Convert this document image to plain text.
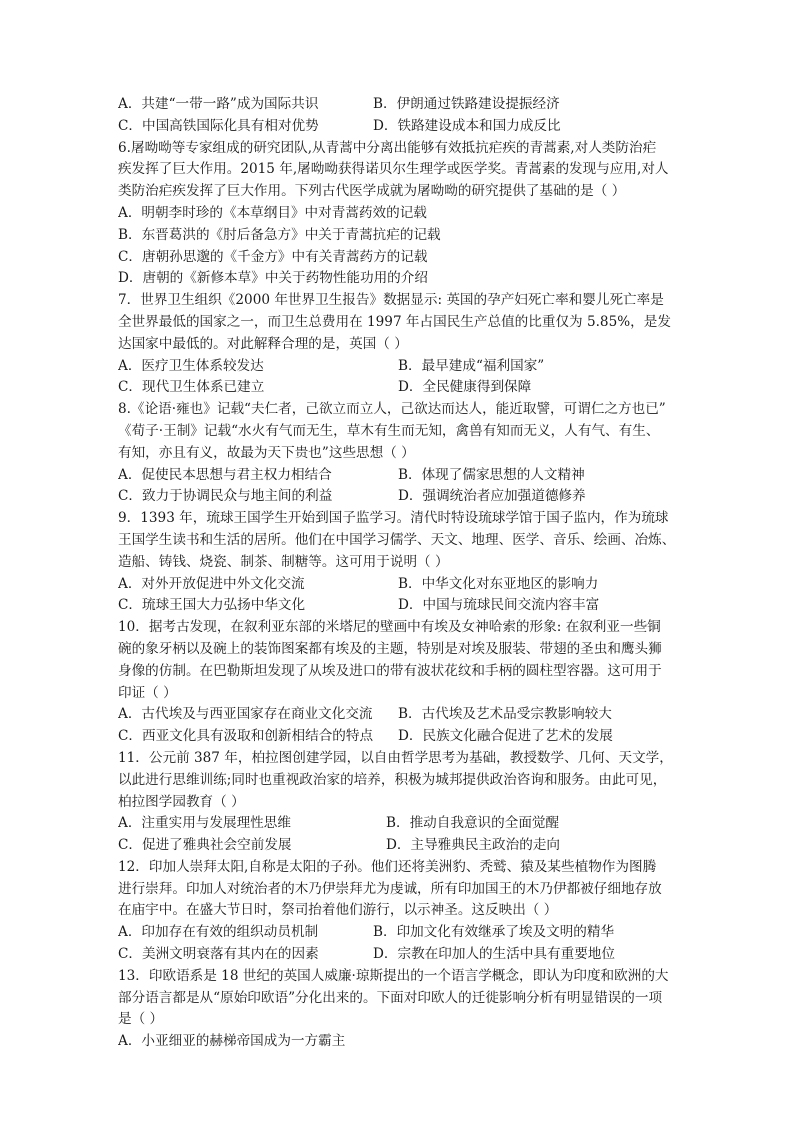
A．共建“一带一路”成为国际共识	B．伊朗通过铁路建设提振经济
C．中国高铁国际化具有相对优势	D．铁路建设成本和国力成反比
6.屠呦呦等专家组成的研究团队,从青蒿中分离出能够有效抵抗疟疾的青蒿素,对人类防治疟
疾发挥了巨大作用。2015 年,屠呦呦获得诺贝尔生理学或医学奖。青蒿素的发现与应用,对人
类防治疟疾发挥了巨大作用。下列古代医学成就为屠呦呦的研究提供了基础的是（ ）
A．明朝李时珍的《本草纲目》中对青蒿药效的记载
B．东晋葛洪的《肘后备急方》中关于青蒿抗疟的记载
C．唐朝孙思邈的《千金方》中有关青蒿药方的记载
D．唐朝的《新修本草》中关于药物性能功用的介绍
7．世界卫生组织《2000 年世界卫生报告》数据显示: 英国的孕产妇死亡率和婴儿死亡率是
全世界最低的国家之一，而卫生总费用在 1997 年占国民生产总值的比重仅为 5.85%，是发
达国家中最低的。对此解释合理的是，英国（ ）
A．医疗卫生体系较发达	B．最早建成“福利国家”
C．现代卫生体系已建立	D．全民健康得到保障
8.《论语·雍也》记载“夫仁者，己欲立而立人，己欲达而达人，能近取譬，可谓仁之方也已”
《荀子·王制》记载“水火有气而无生，草木有生而无知，禽兽有知而无义，人有气、有生、
有知，亦且有义，故最为天下贵也”这些思想（ ）
A．促使民本思想与君主权力相结合	B．体现了儒家思想的人文精神
C．致力于协调民众与地主间的利益	D．强调统治者应加强道德修养
9．1393 年，琉球王国学生开始到国子监学习。清代时特设琉球学馆于国子监内，作为琉球
王国学生读书和生活的居所。他们在中国学习儒学、天文、地理、医学、音乐、绘画、冶炼、
造船、铸钱、烧瓷、制茶、制糖等。这可用于说明（ ）
A．对外开放促进中外文化交流	B．中华文化对东亚地区的影响力
C．琉球王国大力弘扬中华文化	D．中国与琉球民间交流内容丰富
10．据考古发现，在叙利亚东部的米塔尼的壁画中有埃及女神哈索的形象: 在叙利亚一些铜
碗的象牙柄以及碗上的装饰图案都有埃及的主题，特别是对埃及服装、带翅的圣虫和鹰头狮
身像的仿制。在巴勒斯坦发现了从埃及进口的带有波状花纹和手柄的圆柱型容器。这可用于
印证（ ）
A．古代埃及与西亚国家存在商业文化交流	B．古代埃及艺术品受宗教影响较大
C．西亚文化具有汲取和创新相结合的特点	D．民族文化融合促进了艺术的发展
11．公元前 387 年，柏拉图创建学园，以自由哲学思考为基础，教授数学、几何、天文学，
以此进行思维训练;同时也重视政治家的培养，积极为城邦提供政治咨询和服务。由此可见，
柏拉图学园教育（ ）
A．注重实用与发展理性思维	B．推动自我意识的全面觉醒
C．促进了雅典社会空前发展	D．主导雅典民主政治的走向
12．印加人崇拜太阳,自称是太阳的子孙。他们还将美洲豹、秃鹫、猿及某些植物作为图腾
进行崇拜。印加人对统治者的木乃伊崇拜尤为虔诚，所有印加国王的木乃伊都被仔细地存放
在庙宇中。在盛大节日时，祭司抬着他们游行，以示神圣。这反映出（ ）
A．印加存在有效的组织动员机制	B．印加文化有效继承了埃及文明的精华
C．美洲文明衰落有其内在的因素	D．宗教在印加人的生活中具有重要地位
13．印欧语系是 18 世纪的英国人威廉·琼斯提出的一个语言学概念，即认为印度和欧洲的大
部分语言都是从“原始印欧语”分化出来的。下面对印欧人的迁徙影响分析有明显错误的一项
是（ ）
A．小亚细亚的赫梯帝国成为一方霸主
